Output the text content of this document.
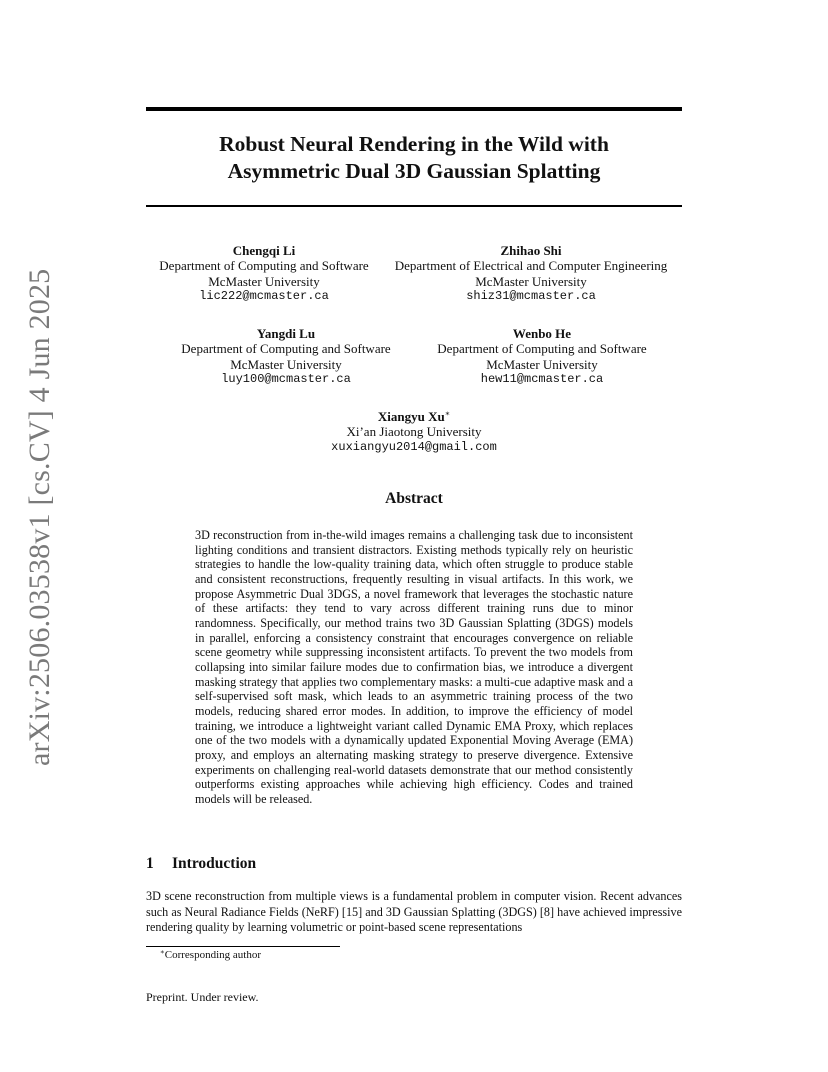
arXiv:2506.03538v1 [cs.CV] 4 Jun 2025
Robust Neural Rendering in the Wild with
Asymmetric Dual 3D Gaussian Splatting
Chengqi Li
Department of Computing and Software
McMaster University
lic222@mcmaster.ca
Zhihao Shi
Department of Electrical and Computer Engineering
McMaster University
shiz31@mcmaster.ca
Yangdi Lu
Department of Computing and Software
McMaster University
luy100@mcmaster.ca
Wenbo He
Department of Computing and Software
McMaster University
hew11@mcmaster.ca
Xiangyu Xu∗
Xi’an Jiaotong University
xuxiangyu2014@gmail.com
Abstract
3D reconstruction from in-the-wild images remains a challenging task due to inconsistent lighting conditions and transient distractors. Existing methods typically rely on heuristic strategies to handle the low-quality training data, which often struggle to produce stable and consistent reconstructions, frequently resulting in visual artifacts. In this work, we propose Asymmetric Dual 3DGS, a novel framework that leverages the stochastic nature of these artifacts: they tend to vary across different training runs due to minor randomness. Specifically, our method trains two 3D Gaussian Splatting (3DGS) models in parallel, enforcing a consistency constraint that encourages convergence on reliable scene geometry while suppressing inconsistent artifacts. To prevent the two models from collapsing into similar failure modes due to confirmation bias, we introduce a divergent masking strategy that applies two complementary masks: a multi-cue adaptive mask and a self-supervised soft mask, which leads to an asymmetric training process of the two models, reducing shared error modes. In addition, to improve the efficiency of model training, we introduce a lightweight variant called Dynamic EMA Proxy, which replaces one of the two models with a dynamically updated Exponential Moving Average (EMA) proxy, and employs an alternating masking strategy to preserve divergence. Extensive experiments on challenging real-world datasets demonstrate that our method consistently outperforms existing approaches while achieving high efficiency. Codes and trained models will be released.
1 Introduction
3D scene reconstruction from multiple views is a fundamental problem in computer vision. Recent advances such as Neural Radiance Fields (NeRF) [15] and 3D Gaussian Splatting (3DGS) [8] have achieved impressive rendering quality by learning volumetric or point-based scene representations
∗Corresponding author
Preprint. Under review.
